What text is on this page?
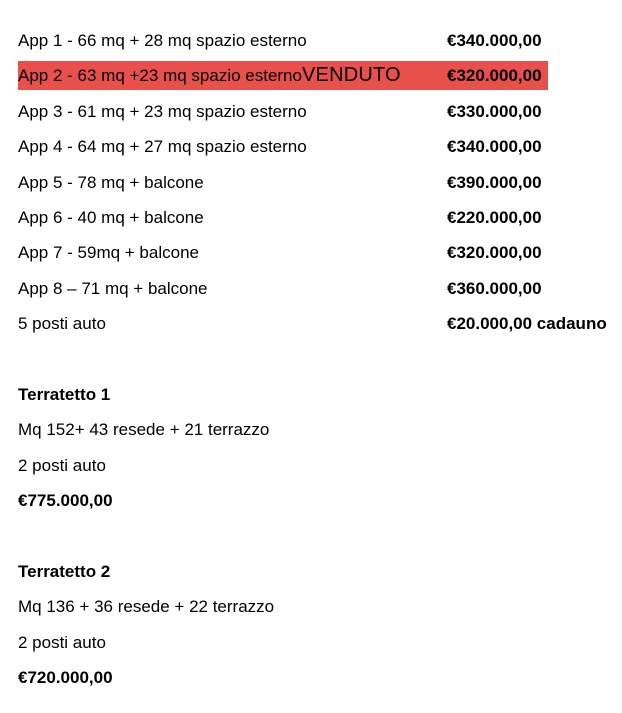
App 1 - 66 mq + 28 mq spazio esterno	€340.000,00
App 2 - 63 mq +23 mq spazio esternoVENDUTO	€320.000,00
App 3 - 61 mq + 23 mq spazio esterno	€330.000,00
App 4 - 64 mq + 27 mq spazio esterno	€340.000,00
App 5 - 78 mq + balcone	€390.000,00
App 6 - 40 mq + balcone	€220.000,00
App 7 - 59mq + balcone	€320.000,00
App 8 – 71 mq + balcone	€360.000,00
5 posti auto	€20.000,00 cadauno
Terratetto 1
Mq 152+ 43 resede + 21 terrazzo
2 posti auto
€775.000,00
Terratetto 2
Mq 136 + 36 resede + 22 terrazzo
2 posti auto
€720.000,00
